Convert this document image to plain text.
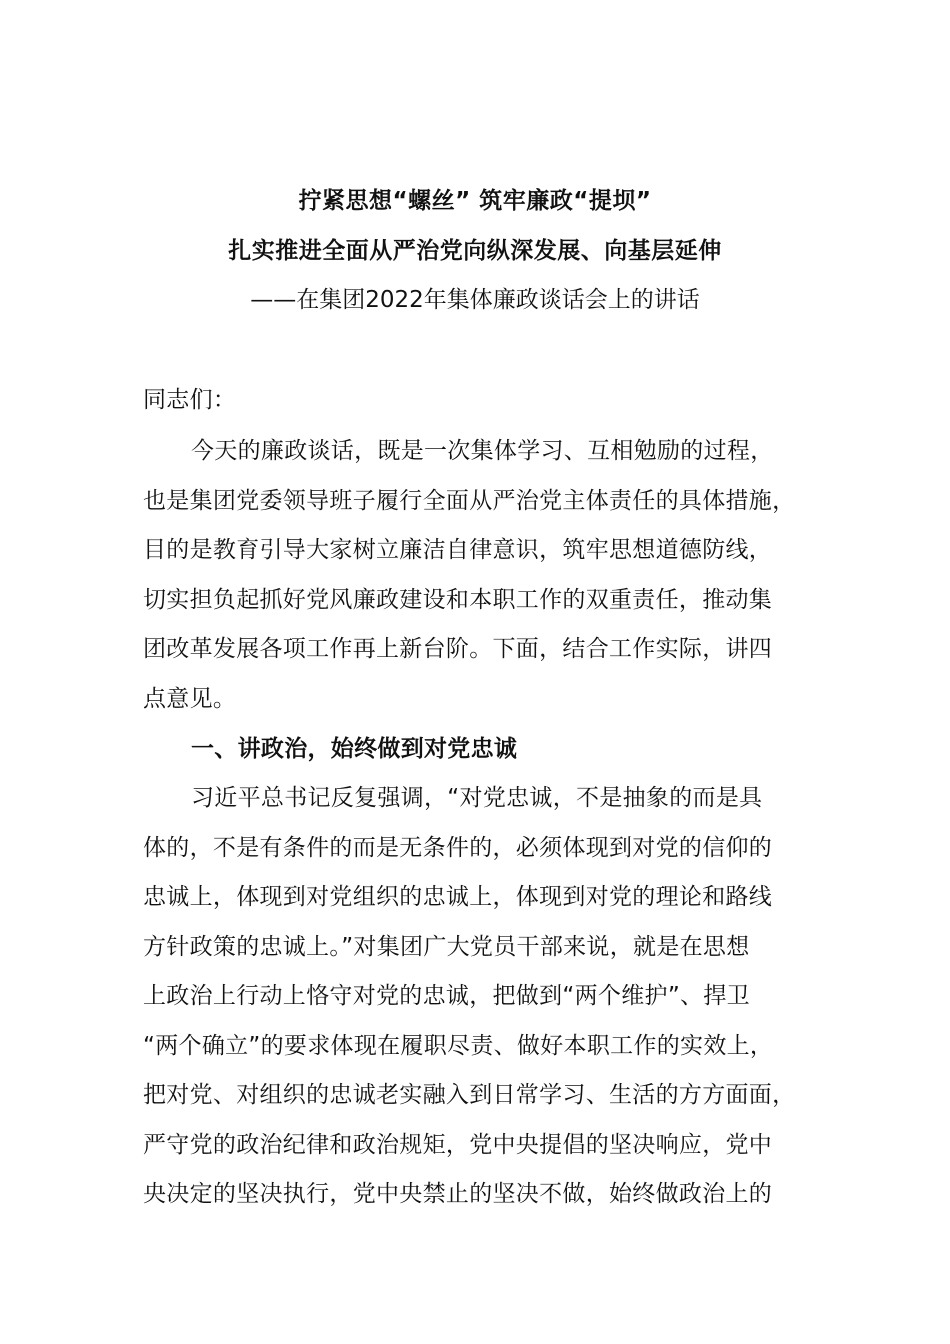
拧紧思想“螺丝” 筑牢廉政“提坝”
扎实推进全面从严治党向纵深发展、向基层延伸
——在集团2022年集体廉政谈话会上的讲话
同志们：
今天的廉政谈话，既是一次集体学习、互相勉励的过程，
也是集团党委领导班子履行全面从严治党主体责任的具体措施，
目的是教育引导大家树立廉洁自律意识，筑牢思想道德防线，
切实担负起抓好党风廉政建设和本职工作的双重责任，推动集
团改革发展各项工作再上新台阶。下面，结合工作实际，讲四
点意见。
一、讲政治，始终做到对党忠诚
习近平总书记反复强调，“对党忠诚，不是抽象的而是具
体的，不是有条件的而是无条件的，必须体现到对党的信仰的
忠诚上，体现到对党组织的忠诚上，体现到对党的理论和路线
方针政策的忠诚上。”对集团广大党员干部来说，就是在思想
上政治上行动上恪守对党的忠诚，把做到“两个维护”、捍卫
“两个确立”的要求体现在履职尽责、做好本职工作的实效上，
把对党、对组织的忠诚老实融入到日常学习、生活的方方面面，
严守党的政治纪律和政治规矩，党中央提倡的坚决响应，党中
央决定的坚决执行，党中央禁止的坚决不做，始终做政治上的
